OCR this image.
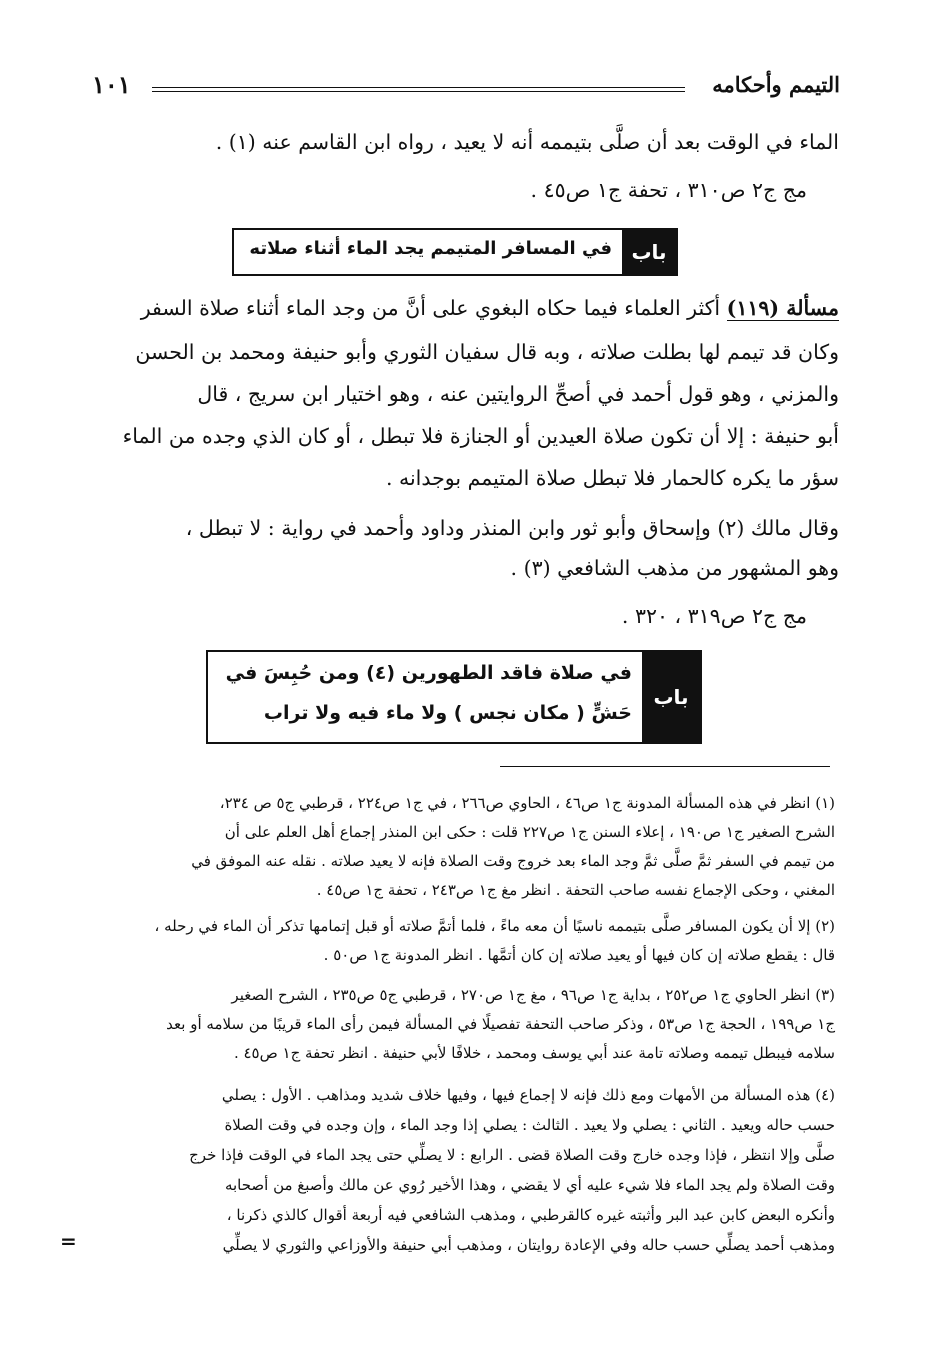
التيمم وأحكامه
١٠١
الماء في الوقت بعد أن صلَّى بتيممه أنه لا يعيد ، رواه ابن القاسم عنه (١) .
مج ج٢ ص٣١٠ ، تحفة ج١ ص٤٥ .
باب
في المسافر المتيمم يجد الماء أثناء صلاته
مسألة (١١٩) أكثر العلماء فيما حكاه البغوي على أنَّ من وجد الماء أثناء صلاة السفر
وكان قد تيمم لها بطلت صلاته ، وبه قال سفيان الثوري وأبو حنيفة ومحمد بن الحسن
والمزني ، وهو قول أحمد في أصحِّ الروايتين عنه ، وهو اختيار ابن سريج ، قال
أبو حنيفة : إلا أن تكون صلاة العيدين أو الجنازة فلا تبطل ، أو كان الذي وجده من الماء
سؤر ما يكره كالحمار فلا تبطل صلاة المتيمم بوجدانه .
وقال مالك (٢) وإسحاق وأبو ثور وابن المنذر وداود وأحمد في رواية : لا تبطل ،
وهو المشهور من مذهب الشافعي (٣) .
مج ج٢ ص٣١٩ ، ٣٢٠ .
باب
في صلاة فاقد الطهورين (٤) ومن حُبِسَ في
حَشٍّ ( مكان نجس ) ولا ماء فيه ولا تراب
(١) انظر في هذه المسألة المدونة ج١ ص٤٦ ، الحاوي ص٢٦٦ ، في ج١ ص٢٢٤ ، قرطبي ج٥ ص ٢٣٤،
الشرح الصغير ج١ ص١٩٠ ، إعلاء السنن ج١ ص٢٢٧ قلت : حكى ابن المنذر إجماع أهل العلم على أن
من تيمم في السفر ثمَّ صلَّى ثمَّ وجد الماء بعد خروج وقت الصلاة فإنه لا يعيد صلاته . نقله عنه الموفق في
المغني ، وحكى الإجماع نفسه صاحب التحفة . انظر مغ ج١ ص٢٤٣ ، تحفة ج١ ص٤٥ .
(٢) إلا أن يكون المسافر صلَّى بتيممه ناسيًا أن معه ماءً ، فلما أتمَّ صلاته أو قبل إتمامها تذكر أن الماء في رحله ،
قال : يقطع صلاته إن كان فيها أو يعيد صلاته إن كان أتمَّها . انظر المدونة ج١ ص٥٠ .
(٣) انظر الحاوي ج١ ص٢٥٢ ، بداية ج١ ص٩٦ ، مغ ج١ ص٢٧٠ ، قرطبي ج٥ ص٢٣٥ ، الشرح الصغير
ج١ ص١٩٩ ، الحجة ج١ ص٥٣ ، وذكر صاحب التحفة تفصيلًا في المسألة فيمن رأى الماء قريبًا من سلامه أو بعد
سلامه فيبطل تيممه وصلاته تامة عند أبي يوسف ومحمد ، خلافًا لأبي حنيفة . انظر تحفة ج١ ص٤٥ .
(٤) هذه المسألة من الأمهات ومع ذلك فإنه لا إجماع فيها ، وفيها خلاف شديد ومذاهب . الأول : يصلي
حسب حاله ويعيد . الثاني : يصلي ولا يعيد . الثالث : يصلي إذا وجد الماء ، وإن وجده في وقت الصلاة
صلَّى وإلا انتظر ، فإذا وجده خارج وقت الصلاة قضى . الرابع : لا يصلِّي حتى يجد الماء في الوقت فإذا خرج
وقت الصلاة ولم يجد الماء فلا شيء عليه أي لا يقضي ، وهذا الأخير رُوي عن مالك وأصبغ من أصحابه
وأنكره البعض كابن عبد البر وأثبته غيره كالقرطبي ، ومذهب الشافعي فيه أربعة أقوال كالذي ذكرنا ،
ومذهب أحمد يصلِّي حسب حاله وفي الإعادة روايتان ، ومذهب أبي حنيفة والأوزاعي والثوري لا يصلِّي
=
